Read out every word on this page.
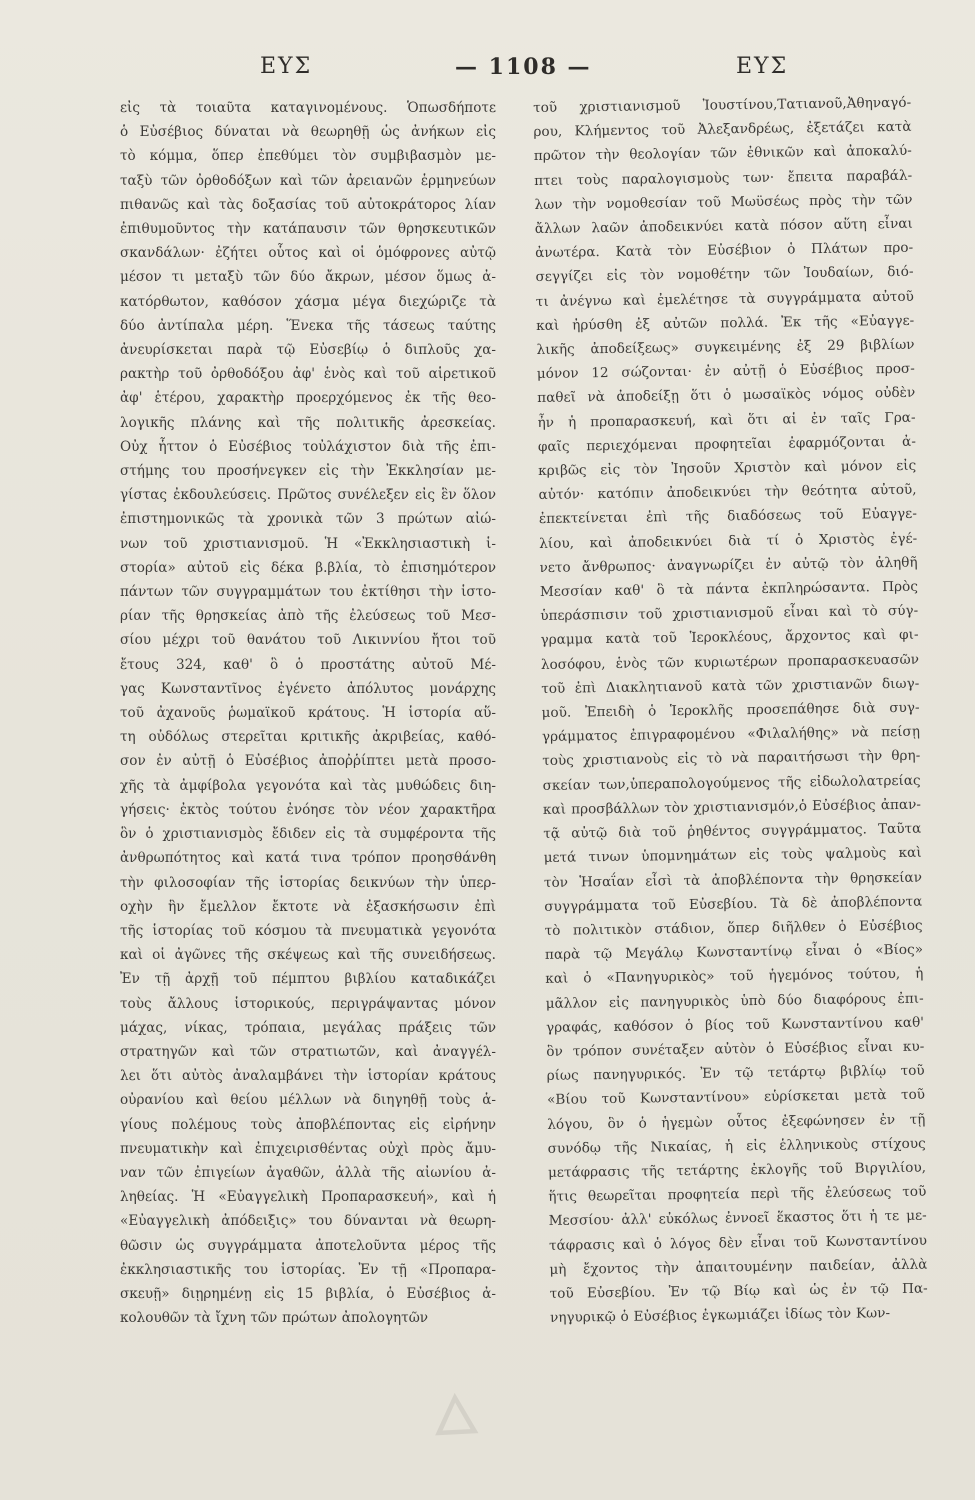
ΕΥΣ	— 1108 —	ΕΥΣ
εἰς τὰ τοιαῦτα καταγινομένους. Ὁπωσδήποτε
ὁ Εὐσέβιος δύναται νὰ θεωρηθῇ ὡς ἀνήκων εἰς
τὸ κόμμα, ὅπερ ἐπεθύμει τὸν συμβιβασμὸν με-
ταξὺ τῶν ὀρθοδόξων καὶ τῶν ἀρειανῶν ἑρμηνεύων
πιθανῶς καὶ τὰς δοξασίας τοῦ αὐτοκράτορος λίαν
ἐπιθυμοῦντος τὴν κατάπαυσιν τῶν θρησκευτικῶν
σκανδάλων· ἐζήτει οὗτος καὶ οἱ ὁμόφρονες αὐτῷ
μέσον τι μεταξὺ τῶν δύο ἄκρων, μέσον ὅμως ἀ-
κατόρθωτον, καθόσον χάσμα μέγα διεχώριζε τὰ
δύο ἀντίπαλα μέρη. Ἕνεκα τῆς τάσεως ταύτης
ἀνευρίσκεται παρὰ τῷ Εὐσεβίῳ ὁ διπλοῦς χα-
ρακτὴρ τοῦ ὀρθοδόξου ἀφ' ἑνὸς καὶ τοῦ αἱρετικοῦ
ἀφ' ἑτέρου, χαρακτὴρ προερχόμενος ἐκ τῆς θεο-
λογικῆς πλάνης καὶ τῆς πολιτικῆς ἀρεσκείας.
Οὐχ ἧττον ὁ Εὐσέβιος τοὐλάχιστον διὰ τῆς ἐπι-
στήμης του προσήνεγκεν εἰς τὴν Ἐκκλησίαν με-
γίστας ἐκδουλεύσεις. Πρῶτος συνέλεξεν εἰς ἓν ὅλον
ἐπιστημονικῶς τὰ χρονικὰ τῶν 3 πρώτων αἰώ-
νων τοῦ χριστιανισμοῦ. Ἡ «Ἐκκλησιαστικὴ ἱ-
στορία» αὐτοῦ εἰς δέκα β.βλία, τὸ ἐπισημότερον
πάντων τῶν συγγραμμάτων του ἐκτίθησι τὴν ἱστο-
ρίαν τῆς θρησκείας ἀπὸ τῆς ἐλεύσεως τοῦ Μεσ-
σίου μέχρι τοῦ θανάτου τοῦ Λικιννίου ἤτοι τοῦ
ἔτους 324, καθ' ὃ ὁ προστάτης αὐτοῦ Μέ-
γας Κωνσταντῖνος ἐγένετο ἀπόλυτος μονάρχης
τοῦ ἀχανοῦς ῥωμαϊκοῦ κράτους. Ἡ ἱστορία αὕ-
τη οὐδόλως στερεῖται κριτικῆς ἀκριβείας, καθό-
σον ἐν αὐτῇ ὁ Εὐσέβιος ἀποῤῥίπτει μετὰ προσο-
χῆς τὰ ἀμφίβολα γεγονότα καὶ τὰς μυθώδεις διη-
γήσεις· ἐκτὸς τούτου ἐνόησε τὸν νέον χαρακτῆρα
ὃν ὁ χριστιανισμὸς ἔδιδεν εἰς τὰ συμφέροντα τῆς
ἀνθρωπότητος καὶ κατά τινα τρόπον προησθάνθη
τὴν φιλοσοφίαν τῆς ἱστορίας δεικνύων τὴν ὑπερ-
οχὴν ἣν ἔμελλον ἔκτοτε νὰ ἐξασκήσωσιν ἐπὶ
τῆς ἱστορίας τοῦ κόσμου τὰ πνευματικὰ γεγονότα
καὶ οἱ ἀγῶνες τῆς σκέψεως καὶ τῆς συνειδήσεως.
Ἐν τῇ ἀρχῇ τοῦ πέμπτου βιβλίου καταδικάζει
τοὺς ἄλλους ἱστορικούς, περιγράψαντας μόνον
μάχας, νίκας, τρόπαια, μεγάλας πράξεις τῶν
στρατηγῶν καὶ τῶν στρατιωτῶν, καὶ ἀναγγέλ-
λει ὅτι αὐτὸς ἀναλαμβάνει τὴν ἱστορίαν κράτους
οὐρανίου καὶ θείου μέλλων νὰ διηγηθῇ τοὺς ἁ-
γίους πολέμους τοὺς ἀποβλέποντας εἰς εἰρήνην
πνευματικὴν καὶ ἐπιχειρισθέντας οὐχὶ πρὸς ἄμυ-
ναν τῶν ἐπιγείων ἀγαθῶν, ἀλλὰ τῆς αἰωνίου ἀ-
ληθείας. Ἡ «Εὐαγγελικὴ Προπαρασκευή», καὶ ἡ
«Εὐαγγελικὴ ἀπόδειξις» του δύνανται νὰ θεωρη-
θῶσιν ὡς συγγράμματα ἀποτελοῦντα μέρος τῆς
ἐκκλησιαστικῆς του ἱστορίας. Ἐν τῇ «Προπαρα-
σκευῇ» διῃρημένῃ εἰς 15 βιβλία, ὁ Εὐσέβιος ἀ-
κολουθῶν τὰ ἴχνη τῶν πρώτων ἀπολογητῶν
τοῦ χριστιανισμοῦ Ἰουστίνου,Τατιανοῦ,Ἀθηναγό-
ρου, Κλήμεντος τοῦ Ἀλεξανδρέως, ἐξετάζει κατὰ
πρῶτον τὴν θεολογίαν τῶν ἐθνικῶν καὶ ἀποκαλύ-
πτει τοὺς παραλογισμοὺς των· ἔπειτα παραβάλ-
λων τὴν νομοθεσίαν τοῦ Μωϋσέως πρὸς τὴν τῶν
ἄλλων λαῶν ἀποδεικνύει κατὰ πόσον αὕτη εἶναι
ἀνωτέρα. Κατὰ τὸν Εὐσέβιον ὁ Πλάτων προ-
σεγγίζει εἰς τὸν νομοθέτην τῶν Ἰουδαίων, διό-
τι ἀνέγνω καὶ ἐμελέτησε τὰ συγγράμματα αὐτοῦ
καὶ ἠρύσθη ἐξ αὐτῶν πολλά. Ἐκ τῆς «Εὐαγγε-
λικῆς ἀποδείξεως» συγκειμένης ἐξ 29 βιβλίων
μόνον 12 σώζονται· ἐν αὐτῇ ὁ Εὐσέβιος προσ-
παθεῖ νὰ ἀποδείξῃ ὅτι ὁ μωσαϊκὸς νόμος οὐδὲν
ἦν ἡ προπαρασκευή, καὶ ὅτι αἱ ἐν ταῖς Γρα-
φαῖς περιεχόμεναι προφητεῖαι ἐφαρμόζονται ἀ-
κριβῶς εἰς τὸν Ἰησοῦν Χριστὸν καὶ μόνον εἰς
αὐτόν· κατόπιν ἀποδεικνύει τὴν θεότητα αὐτοῦ,
ἐπεκτείνεται ἐπὶ τῆς διαδόσεως τοῦ Εὐαγγε-
λίου, καὶ ἀποδεικνύει διὰ τί ὁ Χριστὸς ἐγέ-
νετο ἄνθρωπος· ἀναγνωρίζει ἐν αὐτῷ τὸν ἀληθῆ
Μεσσίαν καθ' ὃ τὰ πάντα ἐκπληρώσαντα. Πρὸς
ὑπεράσπισιν τοῦ χριστιανισμοῦ εἶναι καὶ τὸ σύγ-
γραμμα κατὰ τοῦ Ἱεροκλέους, ἄρχοντος καὶ φι-
λοσόφου, ἑνὸς τῶν κυριωτέρων προπαρασκευασῶν
τοῦ ἐπὶ Διακλητιανοῦ κατὰ τῶν χριστιανῶν διωγ-
μοῦ. Ἐπειδὴ ὁ Ἱεροκλῆς προσεπάθησε διὰ συγ-
γράμματος ἐπιγραφομένου «Φιλαλήθης» νὰ πείσῃ
τοὺς χριστιανοὺς εἰς τὸ νὰ παραιτήσωσι τὴν θρη-
σκείαν των,ὑπεραπολογούμενος τῆς εἰδωλολατρείας
καὶ προσβάλλων τὸν χριστιανισμόν,ὁ Εὐσέβιος ἀπαν-
τᾷ αὐτῷ διὰ τοῦ ῥηθέντος συγγράμματος. Ταῦτα
μετά τινων ὑπομνημάτων εἰς τοὺς ψαλμοὺς καὶ
τὸν Ἡσαΐαν εἶσὶ τὰ ἀποβλέποντα τὴν θρησκείαν
συγγράμματα τοῦ Εὐσεβίου. Τὰ δὲ ἀποβλέποντα
τὸ πολιτικὸν στάδιον, ὅπερ διῆλθεν ὁ Εὐσέβιος
παρὰ τῷ Μεγάλῳ Κωνσταντίνῳ εἶναι ὁ «Βίος»
καὶ ὁ «Πανηγυρικὸς» τοῦ ἡγεμόνος τούτου, ἡ
μᾶλλον εἰς πανηγυρικὸς ὑπὸ δύο διαφόρους ἐπι-
γραφάς, καθόσον ὁ βίος τοῦ Κωνσταντίνου καθ'
ὃν τρόπον συνέταξεν αὐτὸν ὁ Εὐσέβιος εἶναι κυ-
ρίως πανηγυρικός. Ἐν τῷ τετάρτῳ βιβλίῳ τοῦ
«Βίου τοῦ Κωνσταντίνου» εὑρίσκεται μετὰ τοῦ
λόγου, ὃν ὁ ἡγεμὼν οὗτος ἐξεφώνησεν ἐν τῇ
συνόδῳ τῆς Νικαίας, ἡ εἰς ἑλληνικοὺς στίχους
μετάφρασις τῆς τετάρτης ἐκλογῆς τοῦ Βιργιλίου,
ἥτις θεωρεῖται προφητεία περὶ τῆς ἐλεύσεως τοῦ
Μεσσίου· ἀλλ' εὐκόλως ἐννοεῖ ἕκαστος ὅτι ἡ τε με-
τάφρασις καὶ ὁ λόγος δὲν εἶναι τοῦ Κωνσταντίνου
μὴ ἔχοντος τὴν ἀπαιτουμένην παιδείαν, ἀλλὰ
τοῦ Εὐσεβίου. Ἐν τῷ Βίῳ καὶ ὡς ἐν τῷ Πα-
νηγυρικῷ ὁ Εὐσέβιος ἐγκωμιάζει ἰδίως τὸν Κων-
🜂
